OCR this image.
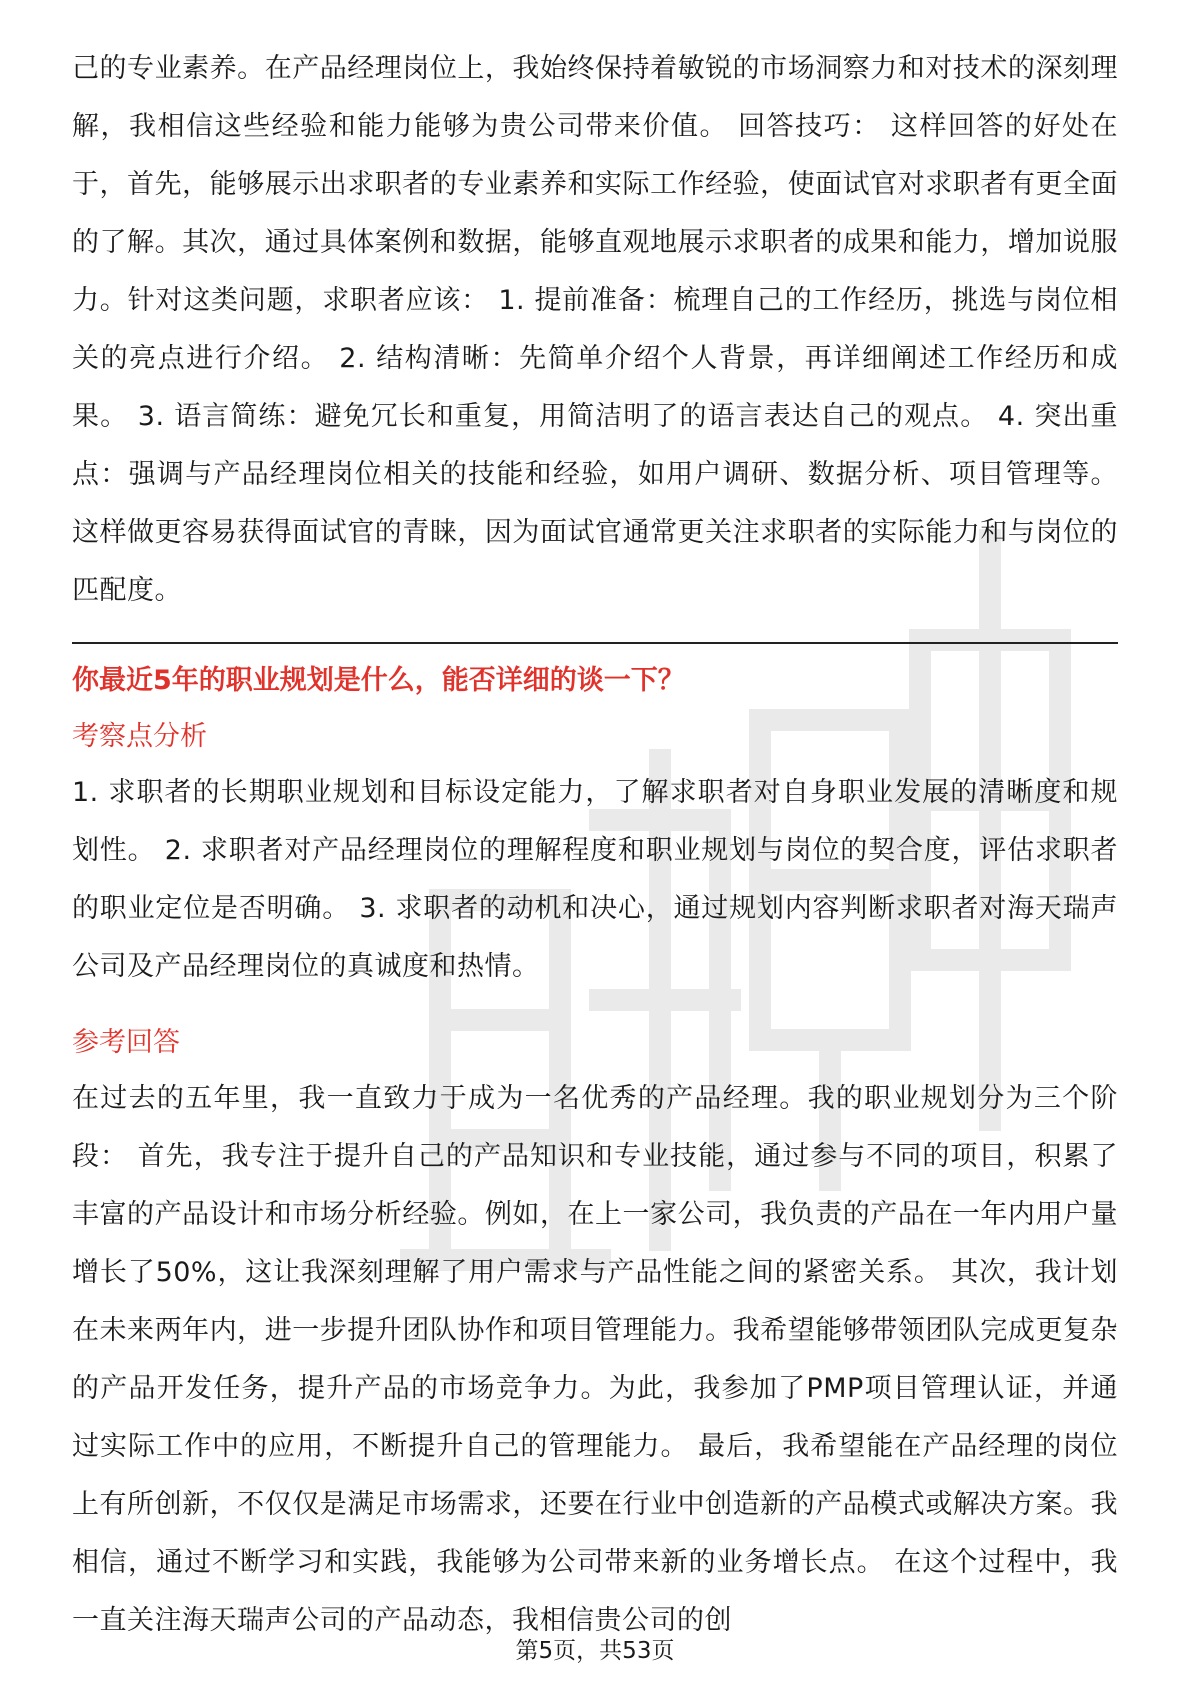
己的专业素养。在产品经理岗位上，我始终保持着敏锐的市场洞察力和对技术的深刻理解，我相信这些经验和能力能够为贵公司带来价值。 回答技巧： 这样回答的好处在于，首先，能够展示出求职者的专业素养和实际工作经验，使面试官对求职者有更全面的了解。其次，通过具体案例和数据，能够直观地展示求职者的成果和能力，增加说服力。针对这类问题，求职者应该： 1. 提前准备：梳理自己的工作经历，挑选与岗位相关的亮点进行介绍。 2. 结构清晰：先简单介绍个人背景，再详细阐述工作经历和成果。 3. 语言简练：避免冗长和重复，用简洁明了的语言表达自己的观点。 4. 突出重点：强调与产品经理岗位相关的技能和经验，如用户调研、数据分析、项目管理等。 这样做更容易获得面试官的青睐，因为面试官通常更关注求职者的实际能力和与岗位的匹配度。

你最近5年的职业规划是什么，能否详细的谈一下？

考察点分析

1. 求职者的长期职业规划和目标设定能力，了解求职者对自身职业发展的清晰度和规划性。 2. 求职者对产品经理岗位的理解程度和职业规划与岗位的契合度，评估求职者的职业定位是否明确。 3. 求职者的动机和决心，通过规划内容判断求职者对海天瑞声公司及产品经理岗位的真诚度和热情。

参考回答

在过去的五年里，我一直致力于成为一名优秀的产品经理。我的职业规划分为三个阶段： 首先，我专注于提升自己的产品知识和专业技能，通过参与不同的项目，积累了丰富的产品设计和市场分析经验。例如，在上一家公司，我负责的产品在一年内用户量增长了50%，这让我深刻理解了用户需求与产品性能之间的紧密关系。 其次，我计划在未来两年内，进一步提升团队协作和项目管理能力。我希望能够带领团队完成更复杂的产品开发任务，提升产品的市场竞争力。为此，我参加了PMP项目管理认证，并通过实际工作中的应用，不断提升自己的管理能力。 最后，我希望能在产品经理的岗位上有所创新，不仅仅是满足市场需求，还要在行业中创造新的产品模式或解决方案。我相信，通过不断学习和实践，我能够为公司带来新的业务增长点。 在这个过程中，我一直关注海天瑞声公司的产品动态，我相信贵公司的创

第5页，共53页
